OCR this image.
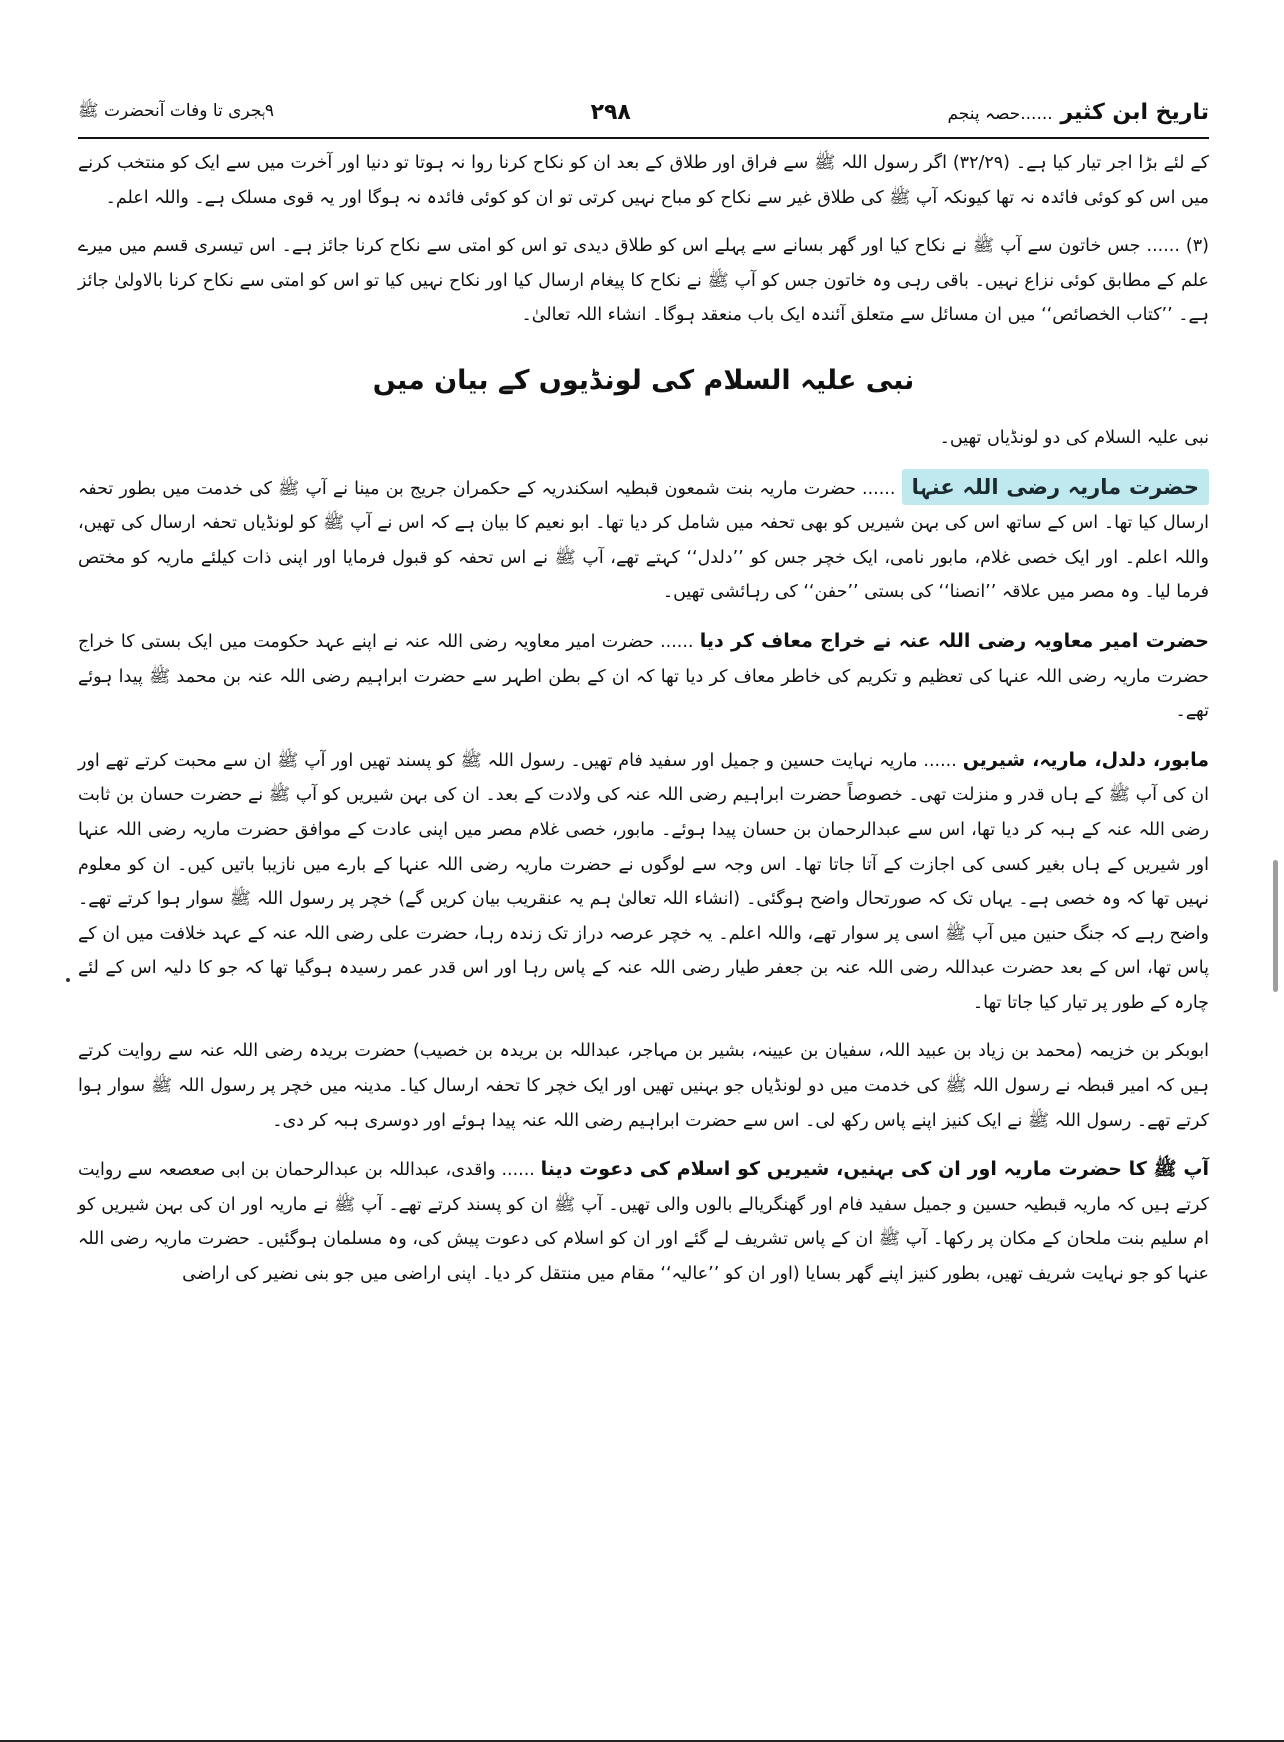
تاریخ ابن کثیر ......حصہ پنجم
۲۹۸
۹ہجری تا وفات آنحضرت ﷺ

کے لئے بڑا اجر تیار کیا ہے۔ (۳۲/۲۹) اگر رسول اللہ ﷺ سے فراق اور طلاق کے بعد ان کو نکاح کرنا روا نہ ہوتا تو دنیا اور آخرت میں سے ایک کو منتخب کرنے میں اس کو کوئی فائدہ نہ تھا کیونکہ آپ ﷺ کی طلاق غیر سے نکاح کو مباح نہیں کرتی تو ان کو کوئی فائدہ نہ ہوگا اور یہ قوی مسلک ہے۔ واللہ اعلم۔

(۳) ...... جس خاتون سے آپ ﷺ نے نکاح کیا اور گھر بسانے سے پہلے اس کو طلاق دیدی تو اس کو امتی سے نکاح کرنا جائز ہے۔ اس تیسری قسم میں میرے علم کے مطابق کوئی نزاع نہیں۔ باقی رہی وہ خاتون جس کو آپ ﷺ نے نکاح کا پیغام ارسال کیا اور نکاح نہیں کیا تو اس کو امتی سے نکاح کرنا بالاولیٰ جائز ہے۔ ’’کتاب الخصائص‘‘ میں ان مسائل سے متعلق آئندہ ایک باب منعقد ہوگا۔ انشاء اللہ تعالیٰ۔

نبی علیہ السلام کی لونڈیوں کے بیان میں

نبی علیہ السلام کی دو لونڈیاں تھیں۔

حضرت ماریہ رضی اللہ عنہا ...... حضرت ماریہ بنت شمعون قبطیہ اسکندریہ کے حکمران جریج بن مینا نے آپ ﷺ کی خدمت میں بطور تحفہ ارسال کیا تھا۔ اس کے ساتھ اس کی بہن شیریں کو بھی تحفہ میں شامل کر دیا تھا۔ ابو نعیم کا بیان ہے کہ اس نے آپ ﷺ کو لونڈیاں تحفہ ارسال کی تھیں، واللہ اعلم۔ اور ایک خصی غلام، مابور نامی، ایک خچر جس کو ’’دلدل‘‘ کہتے تھے، آپ ﷺ نے اس تحفہ کو قبول فرمایا اور اپنی ذات کیلئے ماریہ کو مختص فرما لیا۔ وہ مصر میں علاقہ ’’انصنا‘‘ کی بستی ’’حفن‘‘ کی رہائشی تھیں۔

حضرت امیر معاویہ رضی اللہ عنہ نے خراج معاف کر دیا ...... حضرت امیر معاویہ رضی اللہ عنہ نے اپنے عہد حکومت میں ایک بستی کا خراج حضرت ماریہ رضی اللہ عنہا کی تعظیم و تکریم کی خاطر معاف کر دیا تھا کہ ان کے بطن اطہر سے حضرت ابراہیم رضی اللہ عنہ بن محمد ﷺ پیدا ہوئے تھے۔

مابور، دلدل، ماریہ، شیریں ...... ماریہ نہایت حسین و جمیل اور سفید فام تھیں۔ رسول اللہ ﷺ کو پسند تھیں اور آپ ﷺ ان سے محبت کرتے تھے اور ان کی آپ ﷺ کے ہاں قدر و منزلت تھی۔ خصوصاً حضرت ابراہیم رضی اللہ عنہ کی ولادت کے بعد۔ ان کی بہن شیریں کو آپ ﷺ نے حضرت حسان بن ثابت رضی اللہ عنہ کے ہبہ کر دیا تھا، اس سے عبدالرحمان بن حسان پیدا ہوئے۔ مابور، خصی غلام مصر میں اپنی عادت کے موافق حضرت ماریہ رضی اللہ عنہا اور شیریں کے ہاں بغیر کسی کی اجازت کے آتا جاتا تھا۔ اس وجہ سے لوگوں نے حضرت ماریہ رضی اللہ عنہا کے بارے میں نازیبا باتیں کیں۔ ان کو معلوم نہیں تھا کہ وہ خصی ہے۔ یہاں تک کہ صورتحال واضح ہوگئی۔ (انشاء اللہ تعالیٰ ہم یہ عنقریب بیان کریں گے) خچر پر رسول اللہ ﷺ سوار ہوا کرتے تھے۔ واضح رہے کہ جنگ حنین میں آپ ﷺ اسی پر سوار تھے، واللہ اعلم۔ یہ خچر عرصہ دراز تک زندہ رہا، حضرت علی رضی اللہ عنہ کے عہد خلافت میں ان کے پاس تھا، اس کے بعد حضرت عبداللہ رضی اللہ عنہ بن جعفر طیار رضی اللہ عنہ کے پاس رہا اور اس قدر عمر رسیدہ ہوگیا تھا کہ جو کا دلیہ اس کے لئے چارہ کے طور پر تیار کیا جاتا تھا۔

ابوبکر بن خزیمہ (محمد بن زیاد بن عبید اللہ، سفیان بن عیینہ، بشیر بن مہاجر، عبداللہ بن بریدہ بن خصیب) حضرت بریدہ رضی اللہ عنہ سے روایت کرتے ہیں کہ امیر قبطہ نے رسول اللہ ﷺ کی خدمت میں دو لونڈیاں جو بہنیں تھیں اور ایک خچر کا تحفہ ارسال کیا۔ مدینہ میں خچر پر رسول اللہ ﷺ سوار ہوا کرتے تھے۔ رسول اللہ ﷺ نے ایک کنیز اپنے پاس رکھ لی۔ اس سے حضرت ابراہیم رضی اللہ عنہ پیدا ہوئے اور دوسری ہبہ کر دی۔

آپ ﷺ کا حضرت ماریہ اور ان کی بہنیں، شیریں کو اسلام کی دعوت دینا ...... واقدی، عبداللہ بن عبدالرحمان بن ابی صعصعہ سے روایت کرتے ہیں کہ ماریہ قبطیہ حسین و جمیل سفید فام اور گھنگریالے بالوں والی تھیں۔ آپ ﷺ ان کو پسند کرتے تھے۔ آپ ﷺ نے ماریہ اور ان کی بہن شیریں کو ام سلیم بنت ملحان کے مکان پر رکھا۔ آپ ﷺ ان کے پاس تشریف لے گئے اور ان کو اسلام کی دعوت پیش کی، وہ مسلمان ہوگئیں۔ حضرت ماریہ رضی اللہ عنہا کو جو نہایت شریف تھیں، بطور کنیز اپنے گھر بسایا (اور ان کو ’’عالیہ‘‘ مقام میں منتقل کر دیا۔ اپنی اراضی میں جو بنی نضیر کی اراضی
